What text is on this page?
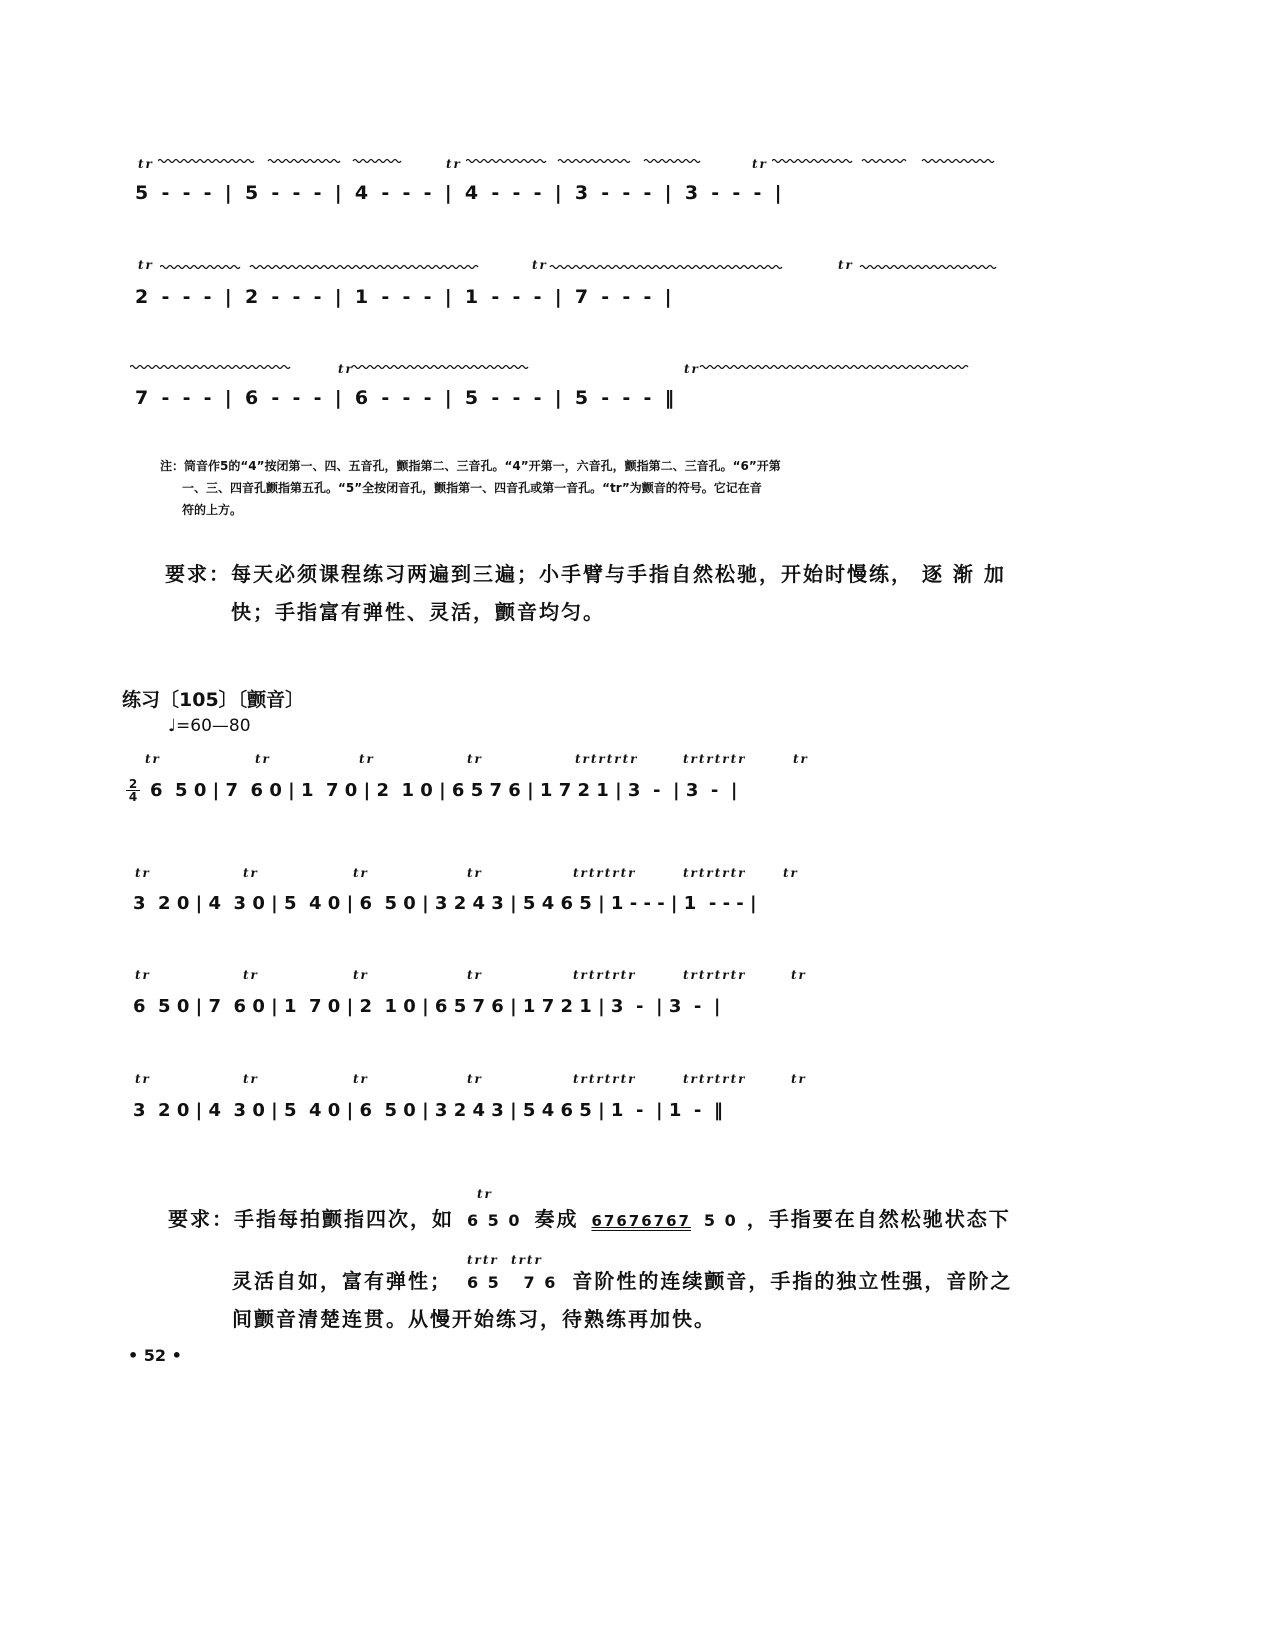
tr	tr	tr
5  -  -  -  |  5  -  -  -  |  4  -  -  -  |  4  -  -  -  |  3  -  -  -  |  3  -  -  -  |
tr	tr	tr
2  -  -  -  |  2  -  -  -  |  1  -  -  -  |  1  -  -  -  |  7  -  -  -  |
tr	tr
7  -  -  -  |  6  -  -  -  |  6  -  -  -  |  5  -  -  -  |  5  -  -  -  ‖
注：筒音作5的“4”按闭第一、四、五音孔，颤指第二、三音孔。“4”开第一，六音孔，颤指第二、三音孔。“6”开第
一、三、四音孔颤指第五孔。“5”全按闭音孔，颤指第一、四音孔或第一音孔。“tr”为颤音的符号。它记在音
符的上方。
要求：每天必须课程练习两遍到三遍；小手臂与手指自然松驰，开始时慢练， 逐 渐 加
快；手指富有弹性、灵活，颤音均匀。
练习〔105〕〔颤音〕
♩=60—80
2
4
tr	tr	tr	tr	trtrtrtr	trtrtrtr	tr
6  5 0 | 7  6 0 | 1  7 0 | 2  1 0 | 6 5 7 6 | 1 7 2 1 | 3  -  | 3  -  |
tr	tr	tr	tr	trtrtrtr	trtrtrtr	tr
3  2 0 | 4  3 0 | 5  4 0 | 6  5 0 | 3 2 4 3 | 5 4 6 5 | 1 - - - | 1  - - - |
tr	tr	tr	tr	trtrtrtr	trtrtrtr	tr
6  5 0 | 7  6 0 | 1  7 0 | 2  1 0 | 6 5 7 6 | 1 7 2 1 | 3  -  | 3  -  |
tr	tr	tr	tr	trtrtrtr	trtrtrtr	tr
3  2 0 | 4  3 0 | 5  4 0 | 6  5 0 | 3 2 4 3 | 5 4 6 5 | 1  -  | 1  -  ‖
要求：手指每拍颤指四次，如
tr
6 5 0 奏成 67676767 5 0 ，手指要在自然松驰状态下
灵活自如，富有弹性；
trtr  trtr
6 5   7 6 音阶性的连续颤音，手指的独立性强，音阶之
间颤音清楚连贯。从慢开始练习，待熟练再加快。
• 52 •
